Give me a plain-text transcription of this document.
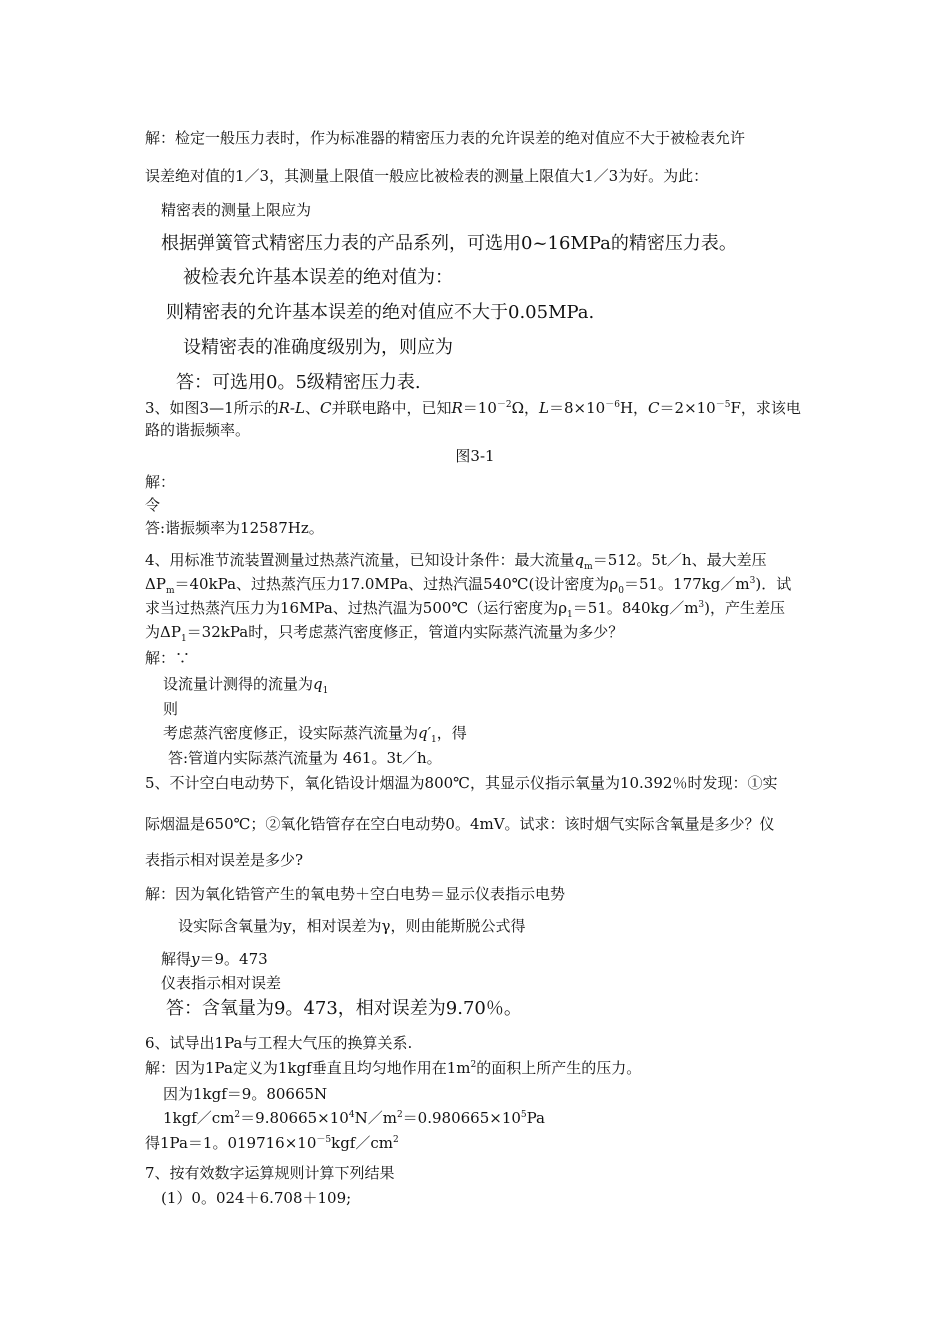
解：检定一般压力表时，作为标准器的精密压力表的允许误差的绝对值应不大于被检表允许
误差绝对值的1／3，其测量上限值一般应比被检表的测量上限值大1／3为好。为此：
精密表的测量上限应为
根据弹簧管式精密压力表的产品系列，可选用0~16MPa的精密压力表。
被检表允许基本误差的绝对值为：
则精密表的允许基本误差的绝对值应不大于0.05MPa.
设精密表的准确度级别为，则应为
答：可选用0。5级精密压力表.
3、如图3—1所示的R-L、C并联电路中，已知$R=10^{-2}\Omega$，$L=8\times 10^{-6}H$，$C=2\times 10^{-5}F$，求该电
路的谐振频率。
图3-1
解：
令
答:谐振频率为12587Hz。
4、用标准节流装置测量过热蒸汽流量，已知设计条件：最大流量$q_m=512$。5t／h、最大差压
$\Delta P_m=40kPa$、过热蒸汽压力17.0MPa、过热汽温540℃(设计密度为$\rho_0=51$。$177kg/m^3$)．试
求当过热蒸汽压力为16MPa、过热汽温为500℃（运行密度为$\rho_1=51$。$840kg/m^3$)，产生差压
为$\Delta P_1=32kPa$时，只考虑蒸汽密度修正，管道内实际蒸汽流量为多少？
解：∵
设流量计测得的流量为$q_1$
则
考虑蒸汽密度修正，设实际蒸汽流量为$q'_1$，得
答:管道内实际蒸汽流量为 461。3t／h。
5、不计空白电动势下，氧化锆设计烟温为800℃，其显示仪指示氧量为10.392％时发现：①实
际烟温是650℃；②氧化锆管存在空白电动势0。4mV。试求：该时烟气实际含氧量是多少？仪
表指示相对误差是多少?
解：因为氧化锆管产生的氧电势＋空白电势＝显示仪表指示电势
设实际含氧量为y，相对误差为γ，则由能斯脱公式得
解得y＝9。473
仪表指示相对误差
答：含氧量为9。473，相对误差为9.70％。
6、试导出1Pa与工程大气压的换算关系.
解：因为1Pa定义为1kgf垂直且均匀地作用在$1m^2$的面积上所产生的压力。
因为1kgf＝9。80665N
$1kgf/cm^2=9.80665\times 10^4N/m^2=0.980665\times 10^5Pa$
得1Pa＝1。$019716\times 10^{-5}kgf/cm^2$
7、按有效数字运算规则计算下列结果
(1）0。024＋6.708＋109;
